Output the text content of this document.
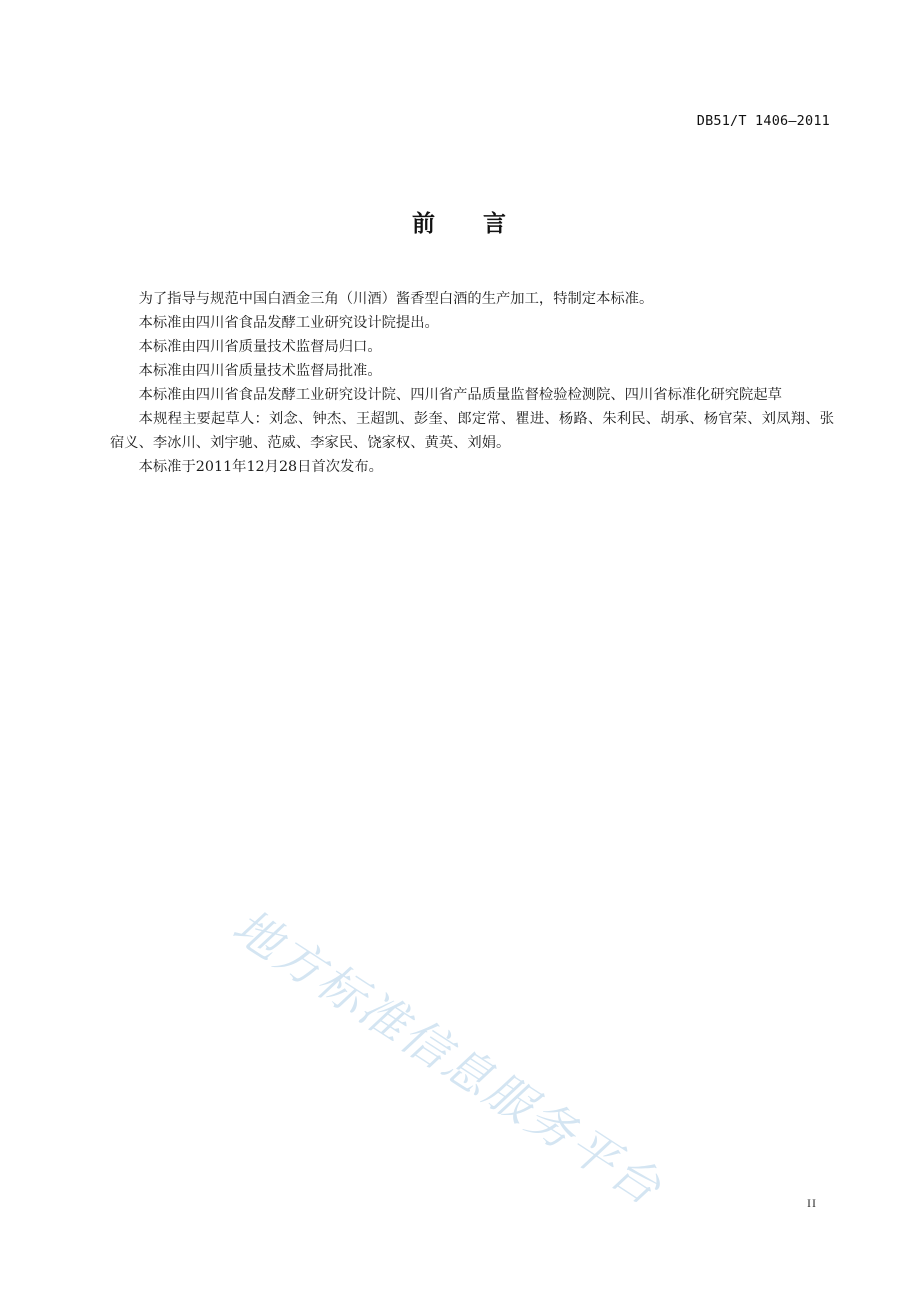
DB51/T 1406—2011
前 言

为了指导与规范中国白酒金三角（川酒）酱香型白酒的生产加工，特制定本标准。

本标准由四川省食品发酵工业研究设计院提出。

本标准由四川省质量技术监督局归口。

本标准由四川省质量技术监督局批准。

本标准由四川省食品发酵工业研究设计院、四川省产品质量监督检验检测院、四川省标准化研究院起草

本规程主要起草人：刘念、钟杰、王超凯、彭奎、郎定常、瞿进、杨路、朱利民、胡承、杨官荣、刘凤翔、张宿义、李冰川、刘宇驰、范威、李家民、饶家权、黄英、刘娟。

本标准于2011年12月28日首次发布。

地方标准信息服务平台	II
